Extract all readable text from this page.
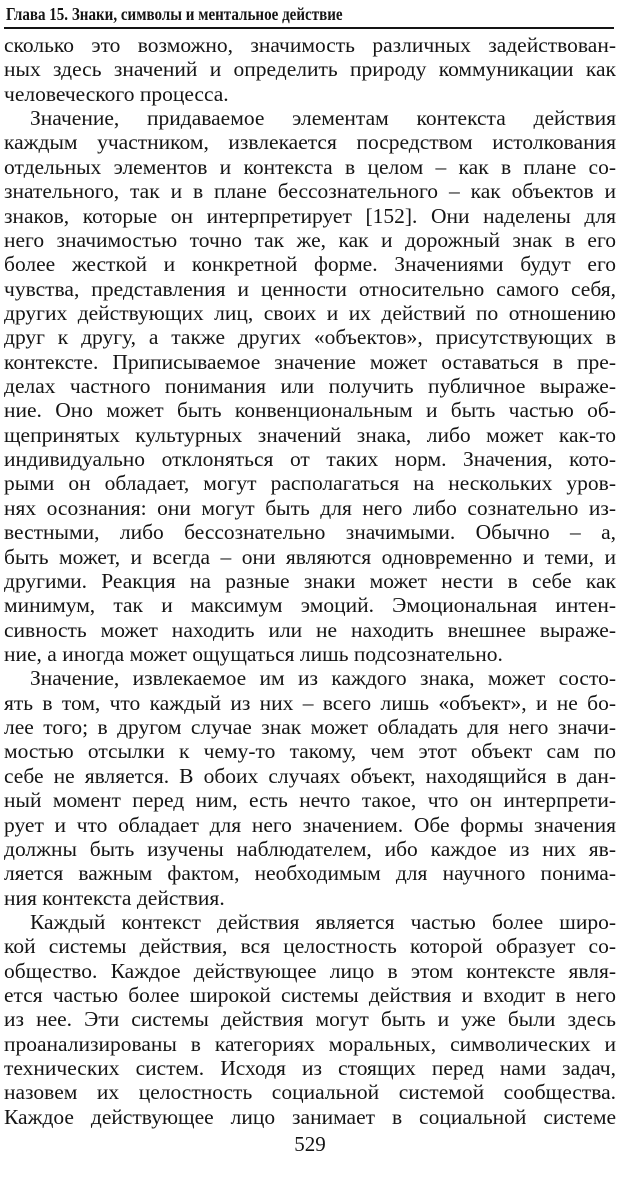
Глава 15. Знаки, символы и ментальное действие
сколько это возможно, значимость различных задействован-
ных здесь значений и определить природу коммуникации как
человеческого процесса.
Значение, придаваемое элементам контекста действия
каждым участником, извлекается посредством истолкования
отдельных элементов и контекста в целом – как в плане со-
знательного, так и в плане бессознательного – как объектов и
знаков, которые он интерпретирует [152]. Они наделены для
него значимостью точно так же, как и дорожный знак в его
более жесткой и конкретной форме. Значениями будут его
чувства, представления и ценности относительно самого себя,
других действующих лиц, своих и их действий по отношению
друг к другу, а также других «объектов», присутствующих в
контексте. Приписываемое значение может оставаться в пре-
делах частного понимания или получить публичное выраже-
ние. Оно может быть конвенциональным и быть частью об-
щепринятых культурных значений знака, либо может как-то
индивидуально отклоняться от таких норм. Значения, кото-
рыми он обладает, могут располагаться на нескольких уров-
нях осознания: они могут быть для него либо сознательно из-
вестными, либо бессознательно значимыми. Обычно – а,
быть может, и всегда – они являются одновременно и теми, и
другими. Реакция на разные знаки может нести в себе как
минимум, так и максимум эмоций. Эмоциональная интен-
сивность может находить или не находить внешнее выраже-
ние, а иногда может ощущаться лишь подсознательно.
Значение, извлекаемое им из каждого знака, может состо-
ять в том, что каждый из них – всего лишь «объект», и не бо-
лее того; в другом случае знак может обладать для него значи-
мостью отсылки к чему-то такому, чем этот объект сам по
себе не является. В обоих случаях объект, находящийся в дан-
ный момент перед ним, есть нечто такое, что он интерпрети-
рует и что обладает для него значением. Обе формы значения
должны быть изучены наблюдателем, ибо каждое из них яв-
ляется важным фактом, необходимым для научного понима-
ния контекста действия.
Каждый контекст действия является частью более широ-
кой системы действия, вся целостность которой образует со-
общество. Каждое действующее лицо в этом контексте явля-
ется частью более широкой системы действия и входит в него
из нее. Эти системы действия могут быть и уже были здесь
проанализированы в категориях моральных, символических и
технических систем. Исходя из стоящих перед нами задач,
назовем их целостность социальной системой сообщества.
Каждое действующее лицо занимает в социальной системе
529
